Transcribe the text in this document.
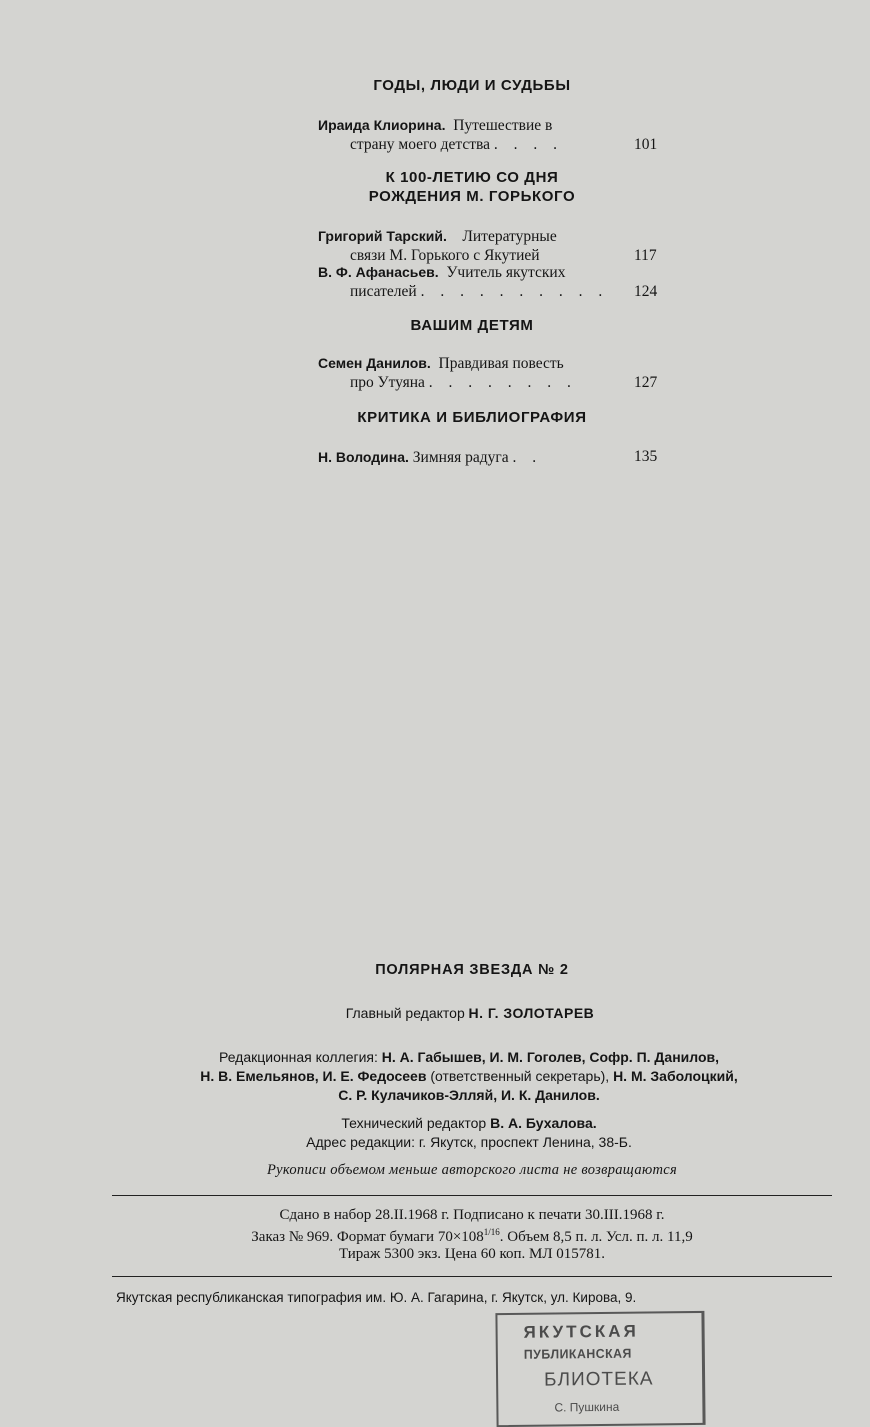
ГОДЫ, ЛЮДИ И СУДЬБЫ
Ираида Клиорина. Путешествие в
страну моего детства . . . .	101
К 100-ЛЕТИЮ СО ДНЯ
РОЖДЕНИЯ М. ГОРЬКОГО
Григорий Тарский. Литературные
связи М. Горького с Якутией	117
В. Ф. Афанасьев. Учитель якутских
писателей . . . . . . . . . . 124
ВАШИМ ДЕТЯМ
Семен Данилов. Правдивая повесть
про Утуяна . . . . . . . .	127
КРИТИКА И БИБЛИОГРАФИЯ
Н. Володина. Зимняя радуга . .	135
ПОЛЯРНАЯ ЗВЕЗДА № 2
Главный редактор Н. Г. ЗОЛОТАРЕВ
Редакционная коллегия: Н. А. Габышев, И. М. Гоголев, Софр. П. Данилов,
Н. В. Емельянов, И. Е. Федосеев (ответственный секретарь), Н. М. Заболоцкий,
С. Р. Кулачиков-Элляй, И. К. Данилов.
Технический редактор В. А. Бухалова.
Адрес редакции: г. Якутск, проспект Ленина, 38-Б.
Рукописи объемом меньше авторского листа не возвращаются
Сдано в набор 28.II.1968 г. Подписано к печати 30.III.1968 г.
Заказ № 969. Формат бумаги $70\times 108^{1/16}$. Объем 8,5 п. л. Усл. п. л. 11,9
Тираж 5300 экз. Цена 60 коп. МЛ 015781.
Якутская республиканская типография им. Ю. А. Гагарина, г. Якутск, ул. Кирова, 9.
ЯКУТСКАЯ
ПУБЛИКАНСКАЯ
БЛИОТЕКА
С. Пушкина
